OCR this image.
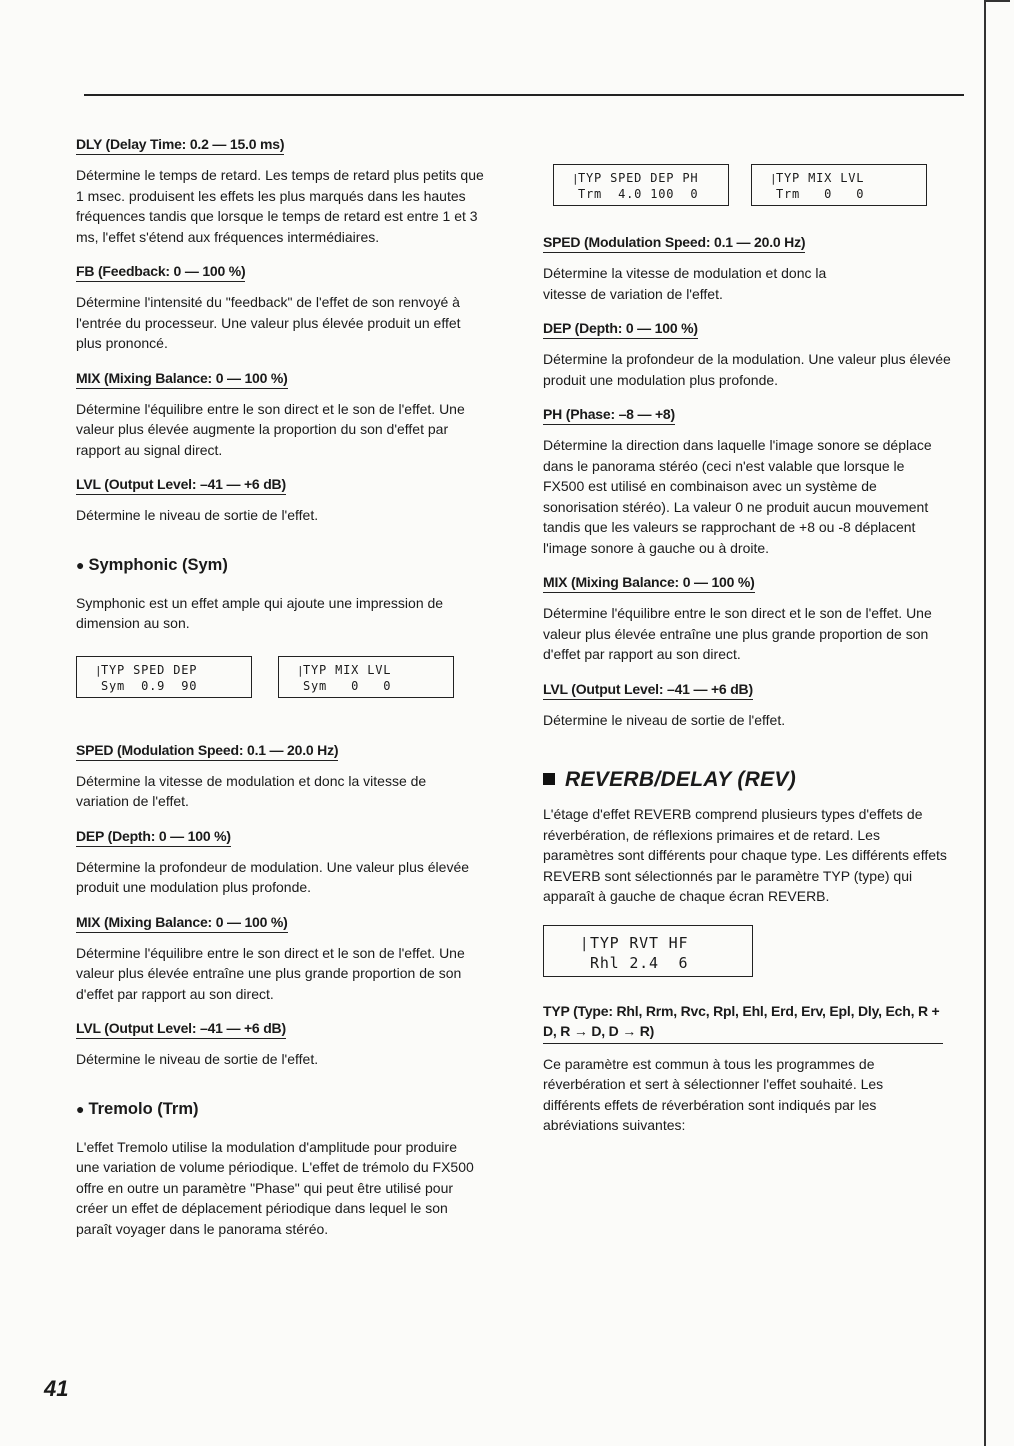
DLY (Delay Time: 0.2 — 15.0 ms)

Détermine le temps de retard. Les temps de retard plus petits que 1 msec. produisent les effets les plus marqués dans les hautes fréquences tandis que lorsque le temps de retard est entre 1 et 3 ms, l'effet s'étend aux fréquences intermédiaires.

FB (Feedback: 0 — 100 %)

Détermine l'intensité du "feedback" de l'effet de son renvoyé à l'entrée du processeur. Une valeur plus élevée produit un effet plus prononcé.

MIX (Mixing Balance: 0 — 100 %)

Détermine l'équilibre entre le son direct et le son de l'effet. Une valeur plus élevée augmente la proportion du son d'effet par rapport au signal direct.

LVL (Output Level: –41 — +6 dB)

Détermine le niveau de sortie de l'effet.

● Symphonic (Sym)

Symphonic est un effet ample qui ajoute une impression de dimension au son.

|
TYP SPED DEP
Sym  0.9  90
|
TYP MIX LVL
Sym   0   0
SPED (Modulation Speed: 0.1 — 20.0 Hz)

Détermine la vitesse de modulation et donc la vitesse de variation de l'effet.

DEP (Depth: 0 — 100 %)

Détermine la profondeur de modulation. Une valeur plus élevée produit une modulation plus profonde.

MIX (Mixing Balance: 0 — 100 %)

Détermine l'équilibre entre le son direct et le son de l'effet. Une valeur plus élevée entraîne une plus grande proportion de son d'effet par rapport au son direct.

LVL (Output Level: –41 — +6 dB)

Détermine le niveau de sortie de l'effet.

● Tremolo (Trm)

L'effet Tremolo utilise la modulation d'amplitude pour produire une variation de volume périodique. L'effet de trémolo du FX500 offre en outre un paramètre "Phase" qui peut être utilisé pour créer un effet de déplacement périodique dans lequel le son paraît voyager dans le panorama stéréo.

|
TYP SPED DEP PH
Trm  4.0 100  0
|
TYP MIX LVL
Trm   0   0
SPED (Modulation Speed: 0.1 — 20.0 Hz)

Détermine la vitesse de modulation et donc la vitesse de variation de l'effet.

DEP (Depth: 0 — 100 %)

Détermine la profondeur de la modulation. Une valeur plus élevée produit une modulation plus profonde.

PH (Phase: –8 — +8)

Détermine la direction dans laquelle l'image sonore se déplace dans le panorama stéréo (ceci n'est valable que lorsque le FX500 est utilisé en combinaison avec un système de sonorisation stéréo). La valeur 0 ne produit aucun mouvement tandis que les valeurs se rapprochant de +8 ou -8 déplacent l'image sonore à gauche ou à droite.

MIX (Mixing Balance: 0 — 100 %)

Détermine l'équilibre entre le son direct et le son de l'effet. Une valeur plus élevée entraîne une plus grande proportion de son d'effet par rapport au son direct.

LVL (Output Level: –41 — +6 dB)

Détermine le niveau de sortie de l'effet.

REVERB/DELAY (REV)

L'étage d'effet REVERB comprend plusieurs types d'effets de réverbération, de réflexions primaires et de retard. Les paramètres sont différents pour chaque type. Les différents effets REVERB sont sélectionnés par le paramètre TYP (type) qui apparaît à gauche de chaque écran REVERB.

| TYP RVT HF
Rhl 2.4  6
TYP (Type: Rhl, Rrm, Rvc, Rpl, Ehl, Erd, Erv, Epl, Dly, Ech, R + D, R → D, D → R)

Ce paramètre est commun à tous les programmes de réverbération et sert à sélectionner l'effet souhaité. Les différents effets de réverbération sont indiqués par les abréviations suivantes:

41
